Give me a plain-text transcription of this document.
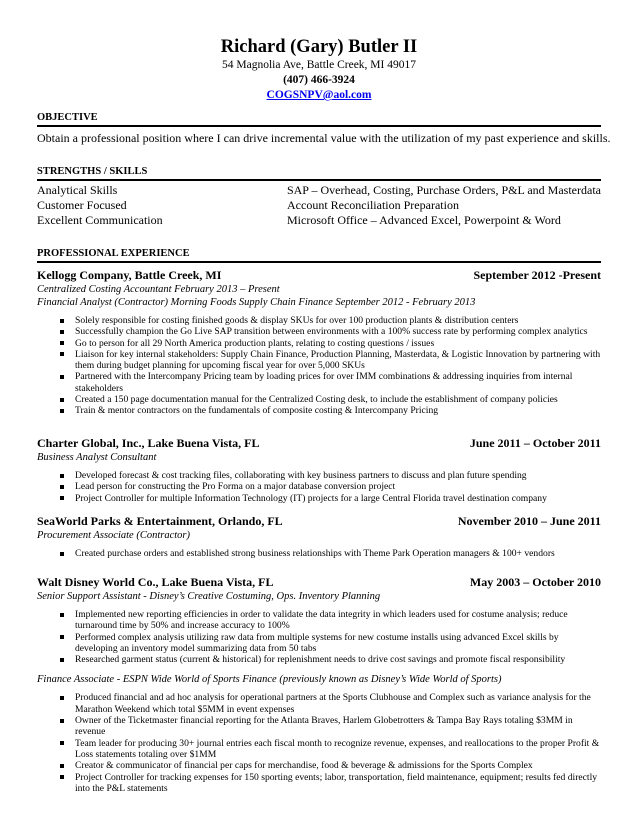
Richard (Gary) Butler II
54 Magnolia Ave, Battle Creek, MI 49017
(407) 466-3924
COGSNPV@aol.com
OBJECTIVE
Obtain a professional position where I can drive incremental value with the utilization of my past experience and skills.
STRENGTHS / SKILLS
Analytical Skills	SAP – Overhead, Costing, Purchase Orders, P&L and Masterdata
Customer Focused	Account Reconciliation Preparation
Excellent Communication	Microsoft Office – Advanced Excel, Powerpoint & Word
PROFESSIONAL EXPERIENCE
Kellogg Company, Battle Creek, MI	September 2012 -Present
Centralized Costing Accountant February 2013 – Present
Financial Analyst (Contractor) Morning Foods Supply Chain Finance September 2012 - February 2013
Solely responsible for costing finished goods & display SKUs for over 100 production plants & distribution centers
Successfully champion the Go Live SAP transition between environments with a 100% success rate by performing complex analytics
Go to person for all 29 North America production plants, relating to costing questions / issues
Liaison for key internal stakeholders: Supply Chain Finance, Production Planning, Masterdata, & Logistic Innovation by partnering with them during budget planning for upcoming fiscal year for over 5,000 SKUs
Partnered with the Intercompany Pricing team by loading prices for over IMM combinations & addressing inquiries from internal stakeholders
Created a 150 page documentation manual for the Centralized Costing desk, to include the establishment of company policies
Train & mentor contractors on the fundamentals of composite costing & Intercompany Pricing
Charter Global, Inc., Lake Buena Vista, FL	June 2011 – October 2011
Business Analyst Consultant
Developed forecast & cost tracking files, collaborating with key business partners to discuss and plan future spending
Lead person for constructing the Pro Forma on a major database conversion project
Project Controller for multiple Information Technology (IT) projects for a large Central Florida travel destination company
SeaWorld Parks & Entertainment, Orlando, FL	November 2010 – June 2011
Procurement Associate (Contractor)
Created purchase orders and established strong business relationships with Theme Park Operation managers & 100+ vendors
Walt Disney World Co., Lake Buena Vista, FL	May 2003 – October 2010
Senior Support Assistant - Disney’s Creative Costuming, Ops. Inventory Planning
Implemented new reporting efficiencies in order to validate the data integrity in which leaders used for costume analysis; reduce turnaround time by 50% and increase accuracy to 100%
Performed complex analysis utilizing raw data from multiple systems for new costume installs using advanced Excel skills by developing an inventory model summarizing data from 50 tabs
Researched garment status (current & historical) for replenishment needs to drive cost savings and promote fiscal responsibility
Finance Associate - ESPN Wide World of Sports Finance (previously known as Disney’s Wide World of Sports)
Produced financial and ad hoc analysis for operational partners at the Sports Clubhouse and Complex such as variance analysis for the Marathon Weekend which total $5MM in event expenses
Owner of the Ticketmaster financial reporting for the Atlanta Braves, Harlem Globetrotters & Tampa Bay Rays totaling $3MM in revenue
Team leader for producing 30+ journal entries each fiscal month to recognize revenue, expenses, and reallocations to the proper Profit & Loss statements totaling over $1MM
Creator & communicator of financial per caps for merchandise, food & beverage & admissions for the Sports Complex
Project Controller for tracking expenses for 150 sporting events; labor, transportation, field maintenance, equipment; results fed directly into the P&L statements
